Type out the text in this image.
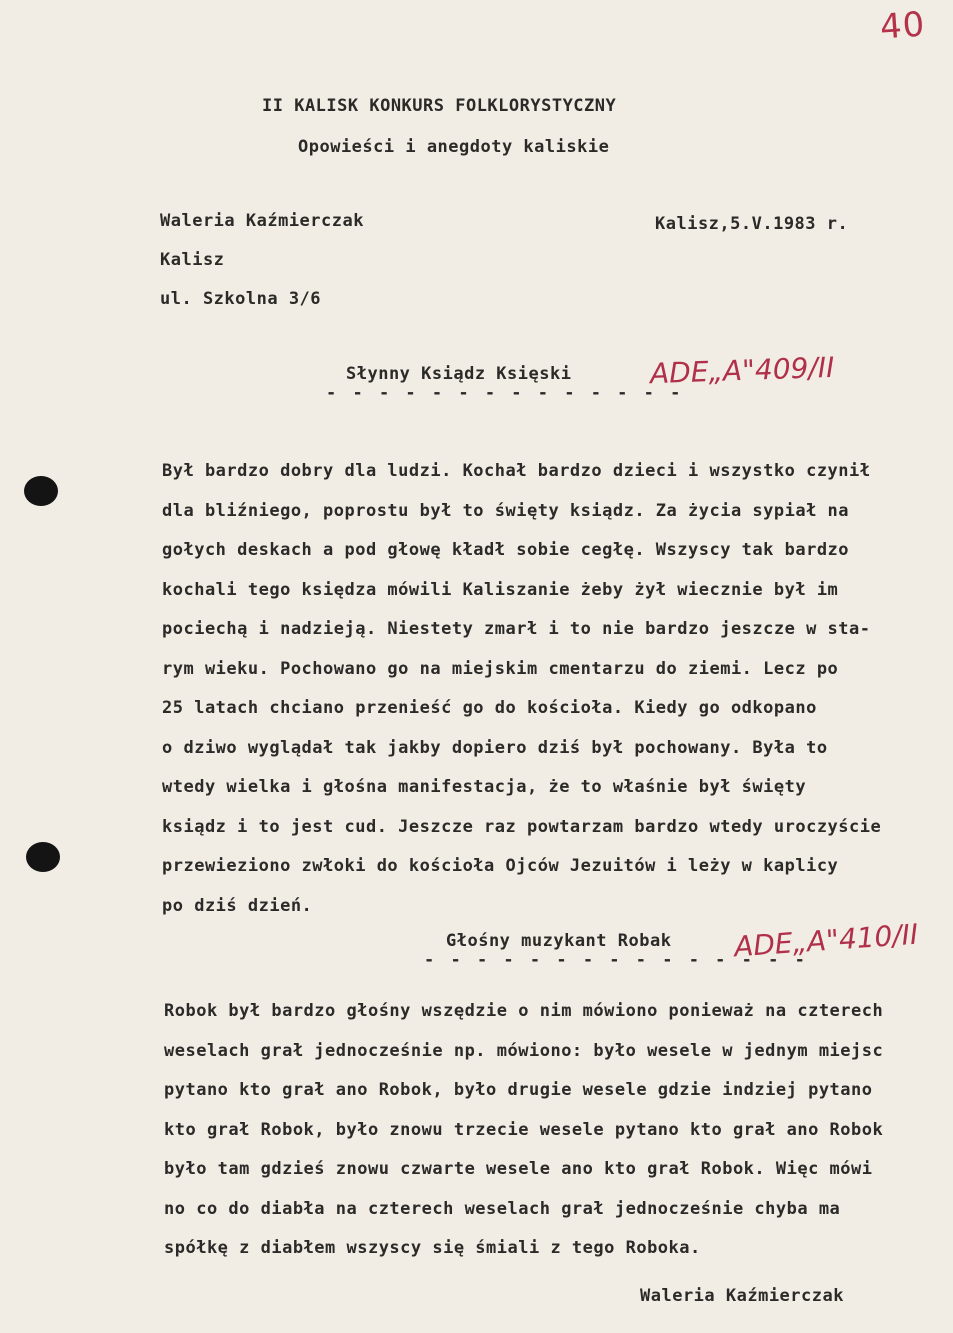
40
II KALISK KONKURS FOLKLORYSTYCZNY
Opowieści i anegdoty kaliskie
Waleria Kaźmierczak
Kalisz
ul. Szkolna 3/6
Kalisz,5.V.1983 r.
Słynny Ksiądz Księski
- - - - - - - - - - - - - -
ADE„A"409/II
Był bardzo dobry dla ludzi. Kochał bardzo dzieci i wszystko czynił
dla bliźniego, poprostu był to święty ksiądz. Za życia sypiał na
gołych deskach a pod głowę kładł sobie cegłę. Wszyscy tak bardzo
kochali tego księdza mówili Kaliszanie żeby żył wiecznie był im
pociechą i nadzieją. Niestety zmarł i to nie bardzo jeszcze w sta-
rym wieku. Pochowano go na miejskim cmentarzu do ziemi. Lecz po
25 latach chciano przenieść go do kościoła. Kiedy go odkopano
o dziwo wyglądał tak jakby dopiero dziś był pochowany. Była to
wtedy wielka i głośna manifestacja, że to właśnie był święty
ksiądz i to jest cud. Jeszcze raz powtarzam bardzo wtedy uroczyście
przewieziono zwłoki do kościoła Ojców Jezuitów i leży w kaplicy
po dziś dzień.
Głośny muzykant Robak
- - - - - - - - - - - - - - -
ADE„A"410/II
Robok był bardzo głośny wszędzie o nim mówiono ponieważ na czterech
weselach grał jednocześnie np. mówiono: było wesele w jednym miejsc
pytano kto grał ano Robok, było drugie wesele gdzie indziej pytano
kto grał Robok, było znowu trzecie wesele pytano kto grał ano Robok
było tam gdzieś znowu czwarte wesele ano kto grał Robok. Więc mówi
no co do diabła na czterech weselach grał jednocześnie chyba ma
spółkę z diabłem wszyscy się śmiali z tego Roboka.
Waleria Kaźmierczak
